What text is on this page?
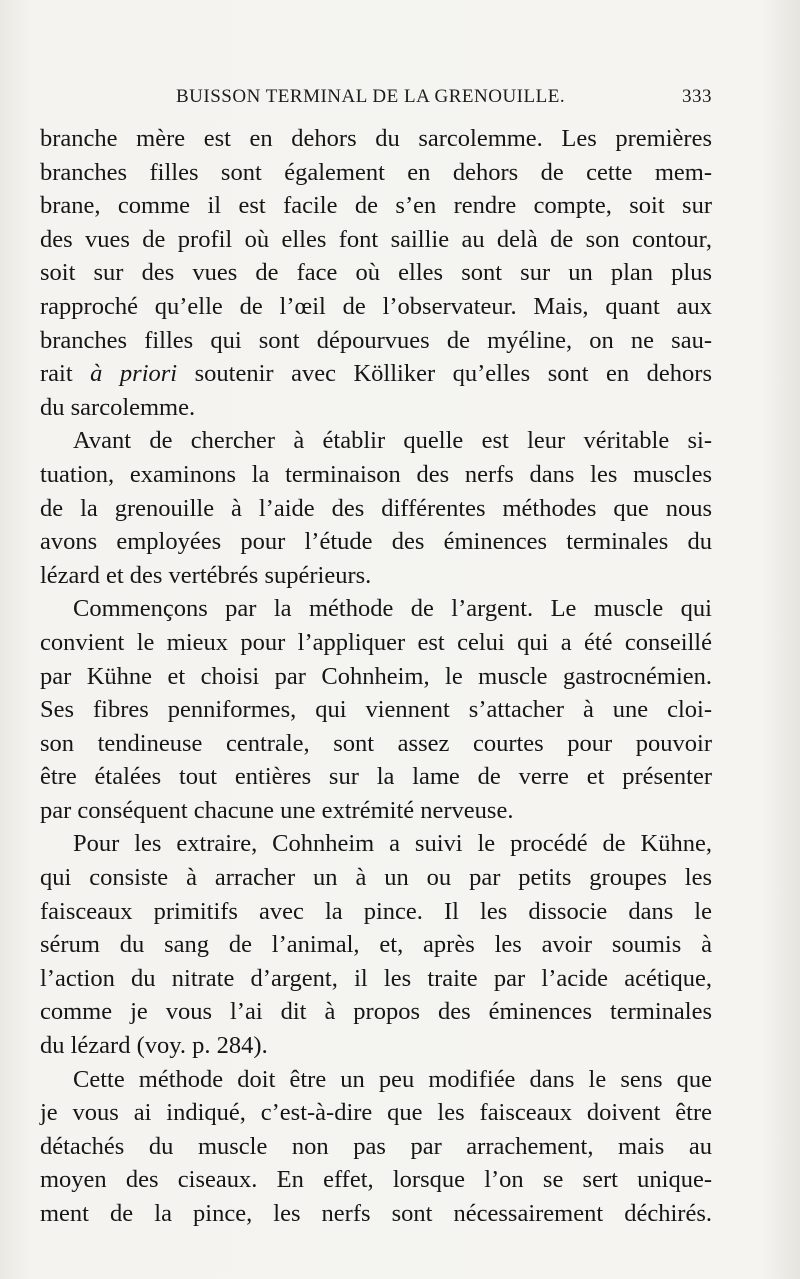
BUISSON TERMINAL DE LA GRENOUILLE.	333
branche mère est en dehors du sarcolemme. Les premières
branches filles sont également en dehors de cette mem-
brane, comme il est facile de s’en rendre compte, soit sur
des vues de profil où elles font saillie au delà de son contour,
soit sur des vues de face où elles sont sur un plan plus
rapproché qu’elle de l’œil de l’observateur. Mais, quant aux
branches filles qui sont dépourvues de myéline, on ne sau-
rait à priori soutenir avec Kölliker qu’elles sont en dehors
du sarcolemme.
Avant de chercher à établir quelle est leur véritable si-
tuation, examinons la terminaison des nerfs dans les muscles
de la grenouille à l’aide des différentes méthodes que nous
avons employées pour l’étude des éminences terminales du
lézard et des vertébrés supérieurs.
Commençons par la méthode de l’argent. Le muscle qui
convient le mieux pour l’appliquer est celui qui a été conseillé
par Kühne et choisi par Cohnheim, le muscle gastrocnémien.
Ses fibres penniformes, qui viennent s’attacher à une cloi-
son tendineuse centrale, sont assez courtes pour pouvoir
être étalées tout entières sur la lame de verre et présenter
par conséquent chacune une extrémité nerveuse.
Pour les extraire, Cohnheim a suivi le procédé de Kühne,
qui consiste à arracher un à un ou par petits groupes les
faisceaux primitifs avec la pince. Il les dissocie dans le
sérum du sang de l’animal, et, après les avoir soumis à
l’action du nitrate d’argent, il les traite par l’acide acétique,
comme je vous l’ai dit à propos des éminences terminales
du lézard (voy. p. 284).
Cette méthode doit être un peu modifiée dans le sens que
je vous ai indiqué, c’est-à-dire que les faisceaux doivent être
détachés du muscle non pas par arrachement, mais au
moyen des ciseaux. En effet, lorsque l’on se sert unique-
ment de la pince, les nerfs sont nécessairement déchirés.
